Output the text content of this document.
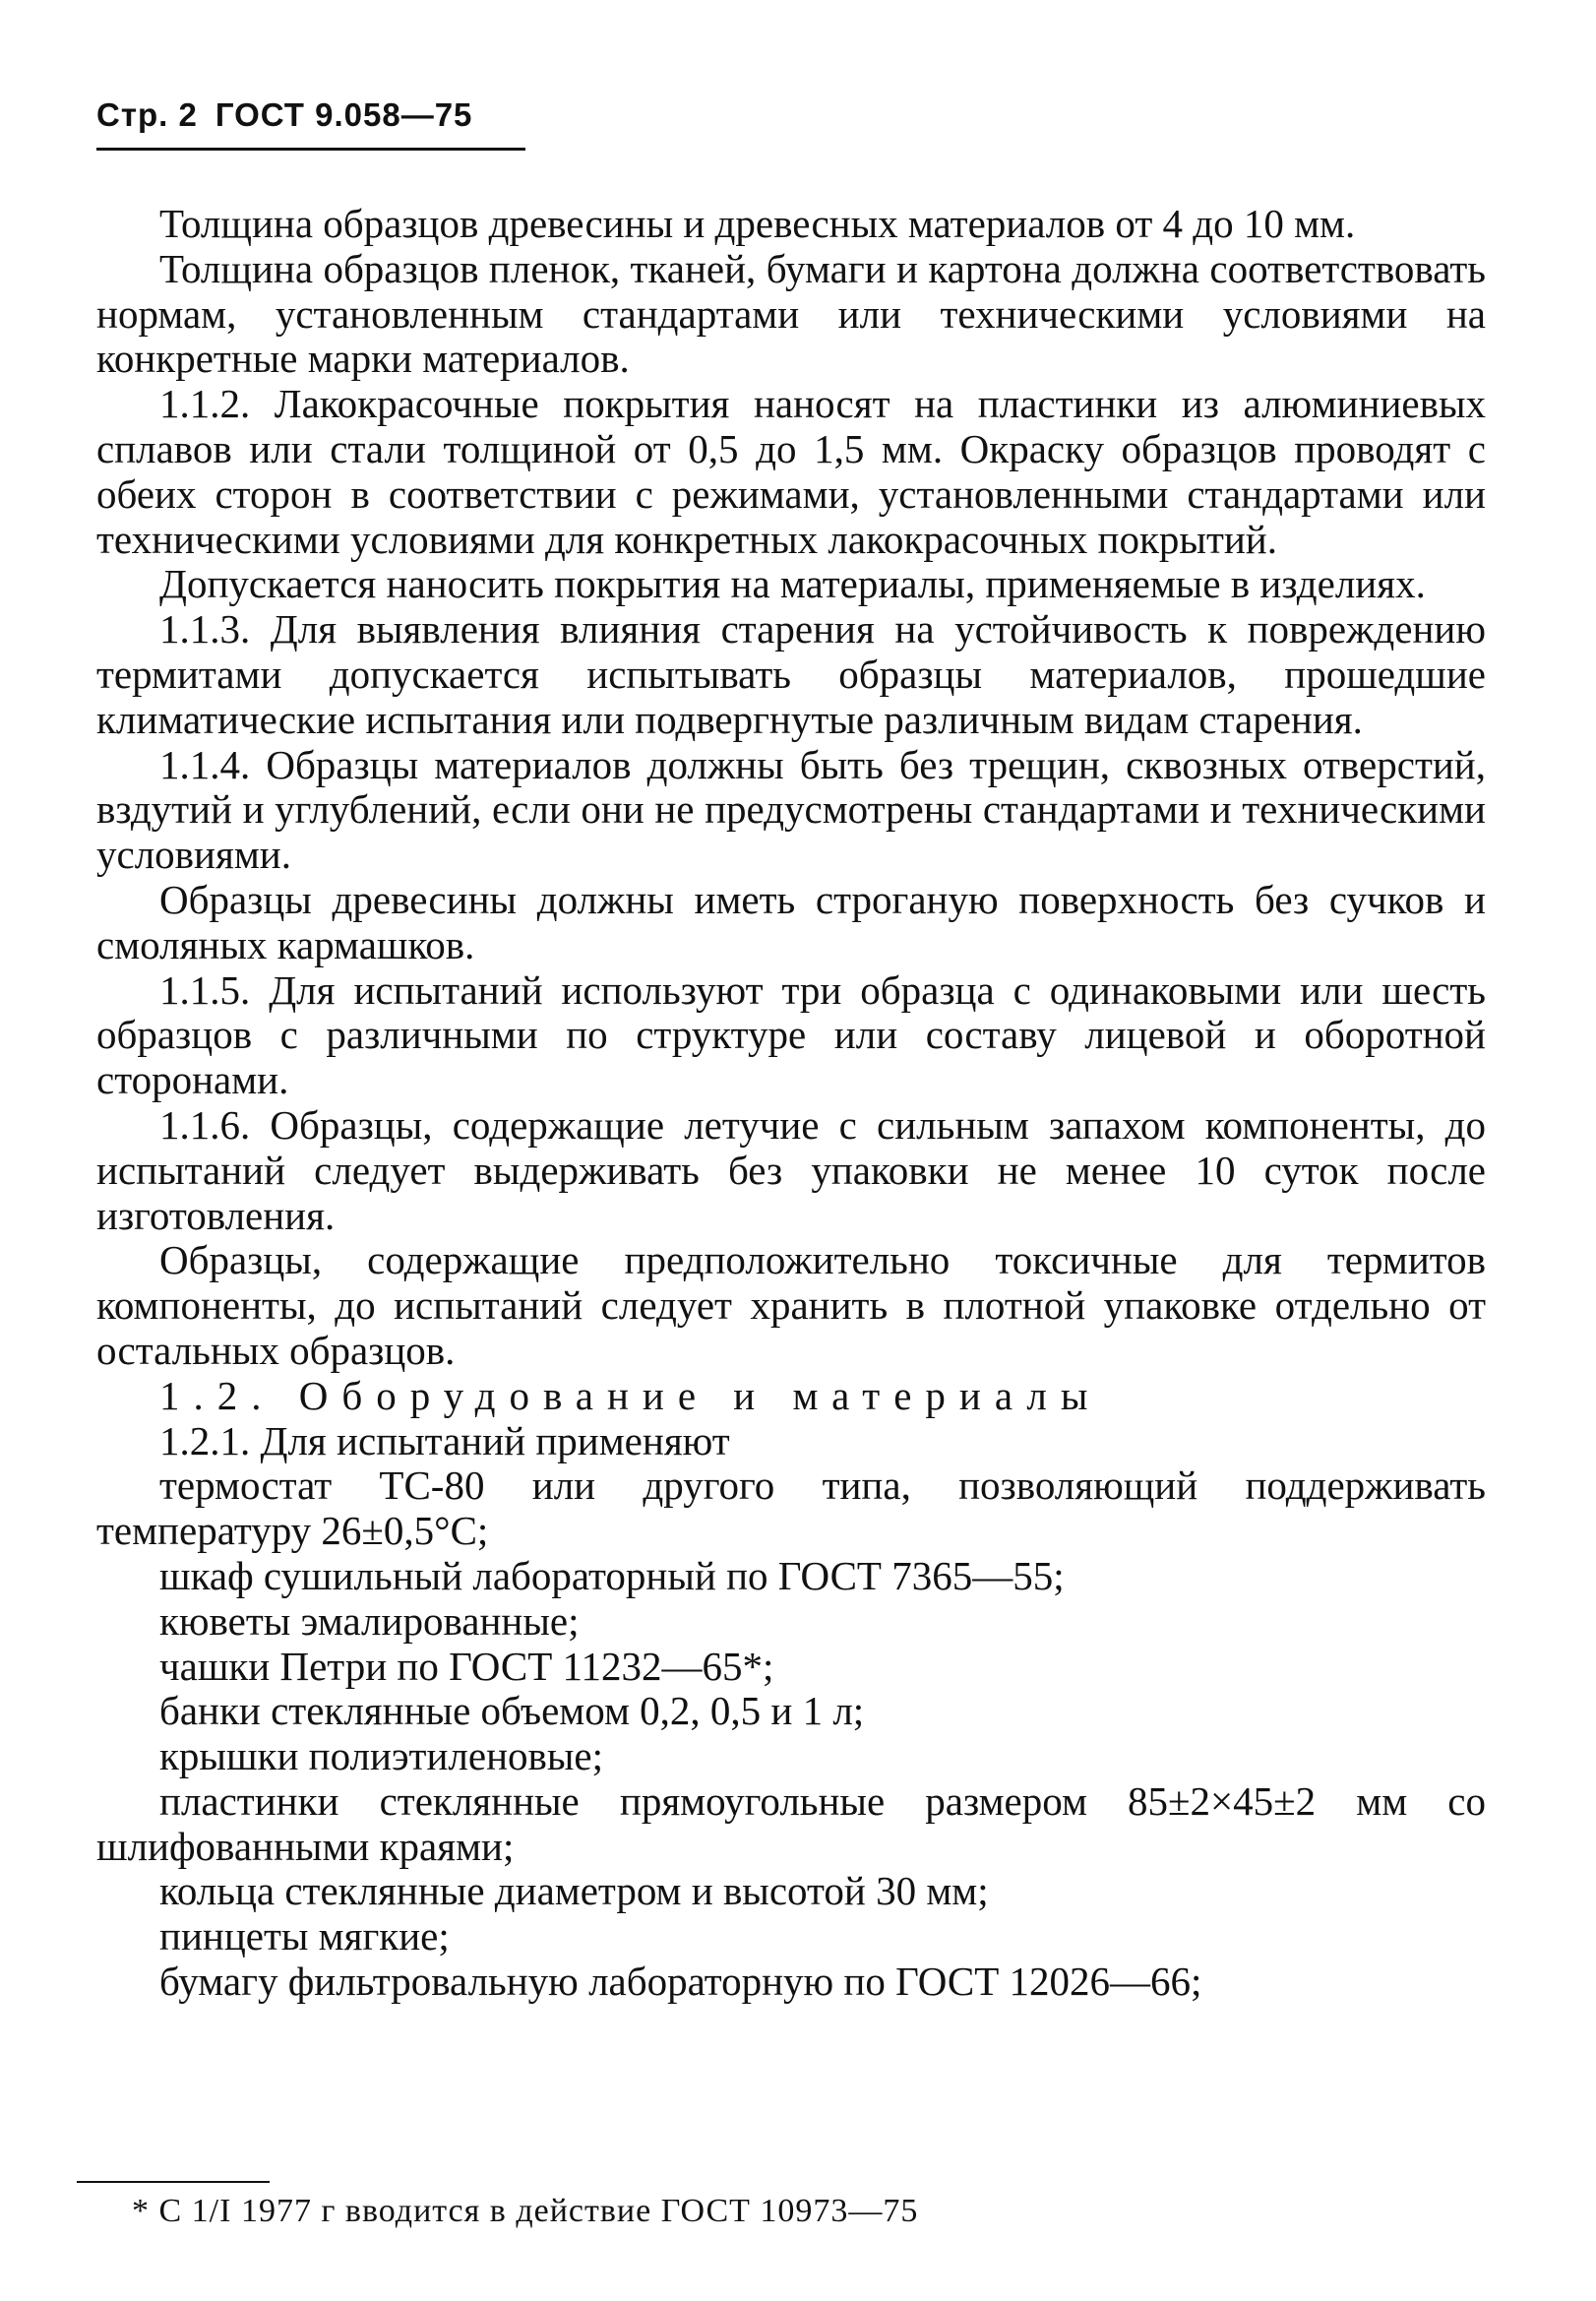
Стр. 2 ГОСТ 9.058—75

Толщина образцов древесины и древесных материалов от 4 до 10 мм.

Толщина образцов пленок, тканей, бумаги и картона должна соответствовать нормам, установленным стандартами или техническими условиями на конкретные марки материалов.

1.1.2. Лакокрасочные покрытия наносят на пластинки из алюминиевых сплавов или стали толщиной от 0,5 до 1,5 мм. Окраску образцов проводят с обеих сторон в соответствии с режимами, установленными стандартами или техническими условиями для конкретных лакокрасочных покрытий.

Допускается наносить покрытия на материалы, применяемые в изделиях.

1.1.3. Для выявления влияния старения на устойчивость к повреждению термитами допускается испытывать образцы материалов, прошедшие климатические испытания или подвергнутые различным видам старения.

1.1.4. Образцы материалов должны быть без трещин, сквозных отверстий, вздутий и углублений, если они не предусмотрены стандартами и техническими условиями.

Образцы древесины должны иметь строганую поверхность без сучков и смоляных кармашков.

1.1.5. Для испытаний используют три образца с одинаковыми или шесть образцов с различными по структуре или составу лицевой и оборотной сторонами.

1.1.6. Образцы, содержащие летучие с сильным запахом компоненты, до испытаний следует выдерживать без упаковки не менее 10 суток после изготовления.

Образцы, содержащие предположительно токсичные для термитов компоненты, до испытаний следует хранить в плотной упаковке отдельно от остальных образцов.

1.2. Оборудование и материалы

1.2.1. Для испытаний применяют

термостат ТС-80 или другого типа, позволяющий поддерживать температуру 26±0,5°С;

шкаф сушильный лабораторный по ГОСТ 7365—55;

кюветы эмалированные;

чашки Петри по ГОСТ 11232—65*;

банки стеклянные объемом 0,2, 0,5 и 1 л;

крышки полиэтиленовые;

пластинки стеклянные прямоугольные размером 85±2×45±2 мм со шлифованными краями;

кольца стеклянные диаметром и высотой 30 мм;

пинцеты мягкие;

бумагу фильтровальную лабораторную по ГОСТ 12026—66;

* С 1/I 1977 г вводится в действие ГОСТ 10973—75
